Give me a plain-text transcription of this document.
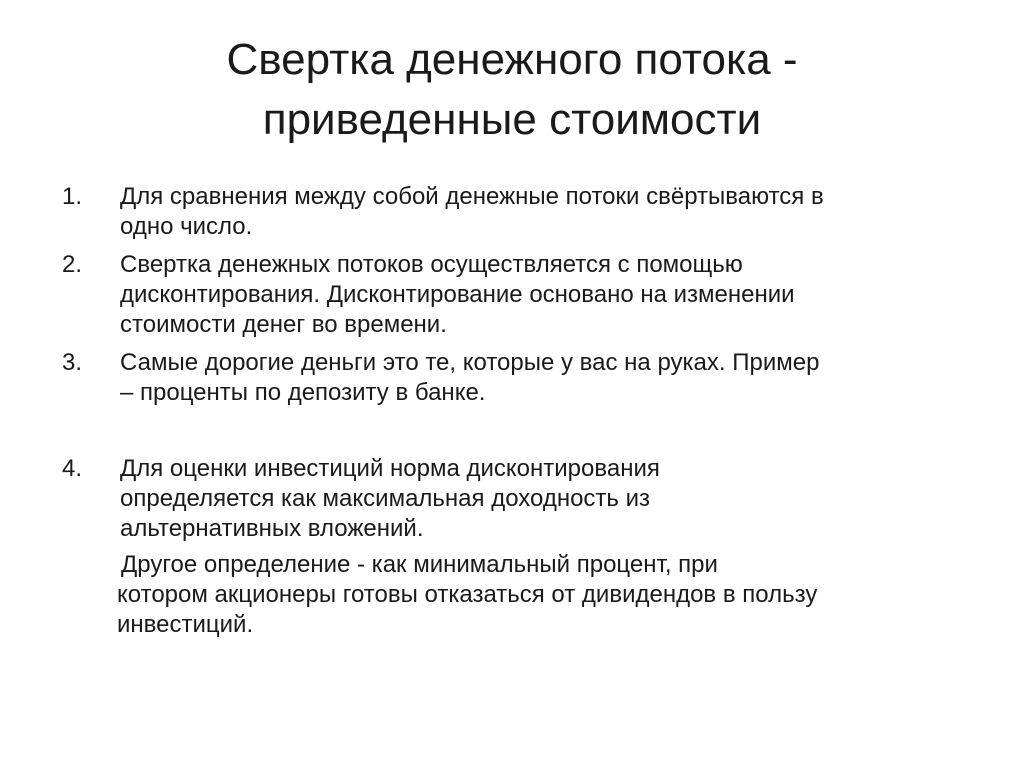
Свертка денежного потока -
приведенные стоимости
1.	Для сравнения между собой денежные потоки свёртываются в
одно число.
2.	Свертка денежных потоков осуществляется с помощью
дисконтирования. Дисконтирование основано на изменении
стоимости денег во времени.
3.	Самые дорогие деньги это те, которые у вас на руках. Пример
– проценты по депозиту в банке.
4.	Для оценки инвестиций норма дисконтирования
определяется как максимальная доходность из
альтернативных вложений.
Другое определение - как минимальный процент, при
котором акционеры готовы отказаться от дивидендов в пользу
инвестиций.
